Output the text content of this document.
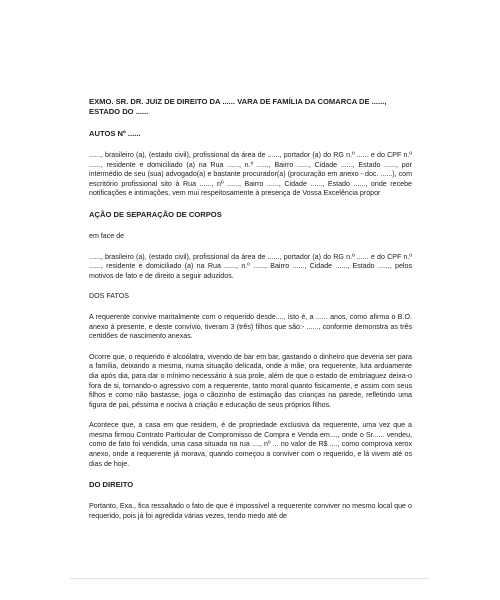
EXMO. SR. DR. JUIZ DE DIREITO DA ...... VARA DE FAMÍLIA DA COMARCA DE ......, ESTADO DO ......
AUTOS Nº ......
......, brasileiro (a), (estado civil), profissional da área de ......, portador (a) do RG n.º ...... e do CPF n.º ......, residente e domiciliado (a) na Rua ......, n.º ......, Bairro ......, Cidade ......, Estado ......, por intermédio de seu (sua) advogado(a) e bastante procurador(a) (procuração em anexo - doc. ......), com escritório profissional sito à Rua ......, nº ......, Bairro ......, Cidade ......, Estado ......, onde recebe notificações e intimações, vem mui respeitosamente à presença de Vossa Excelência propor
AÇÃO DE SEPARAÇÃO DE CORPOS
em face de
......, brasileiro (a), (estado civil), profissional da área de ......, portador (a) do RG n.º ...... e do CPF n.º ......, residente e domiciliado (a) na Rua ......, n.º ......, Bairro ......, Cidade ......, Estado ......, pelos motivos de fato e de direito a seguir aduzidos.
DOS FATOS
A requerente convive maritalmente com o requerido desde...., isto é, a ...... anos, como afirma o B.O. anexo à presente, e deste convívio, tiveram 3 (três) filhos que são:- ......, conforme demonstra as três certidões de nascimento anexas.
Ocorre que, o requerido é alcoólatra, vivendo de bar em bar, gastando o dinheiro que deveria ser para a família, deixando a mesma, numa situação delicada, onde a mãe, ora requerente, luta arduamente dia após dia, para dar o mínimo necessário à sua prole, além de que o estado de embriaguez deixa-o fora de si, tornando-o agressivo com a requerente, tanto moral quanto fisicamente, e assim com seus filhos e como não bastasse, joga o cãozinho de estimação das crianças na parede, refletindo uma figura de pai, péssima e nociva à criação e educação de seus próprios filhos.
Acontece que, a casa em que residem, é de propriedade exclusiva da requerente, uma vez que a mesma firmou Contrato Particular de Compromisso de Compra e Venda em...., onde o Sr...... vendeu, como de fato foi vendida, uma casa situada na rua ...., nº ... no valor de R$ ...., como comprova xerox anexo, onde a requerente já morava, quando começou a conviver com o requerido, e lá vivem até os dias de hoje.
DO DIREITO
Portanto, Exa., fica ressaltado o fato de que é impossível a requerente conviver no mesmo local que o requerido, pois já foi agredida várias vezes, tendo medo até de
